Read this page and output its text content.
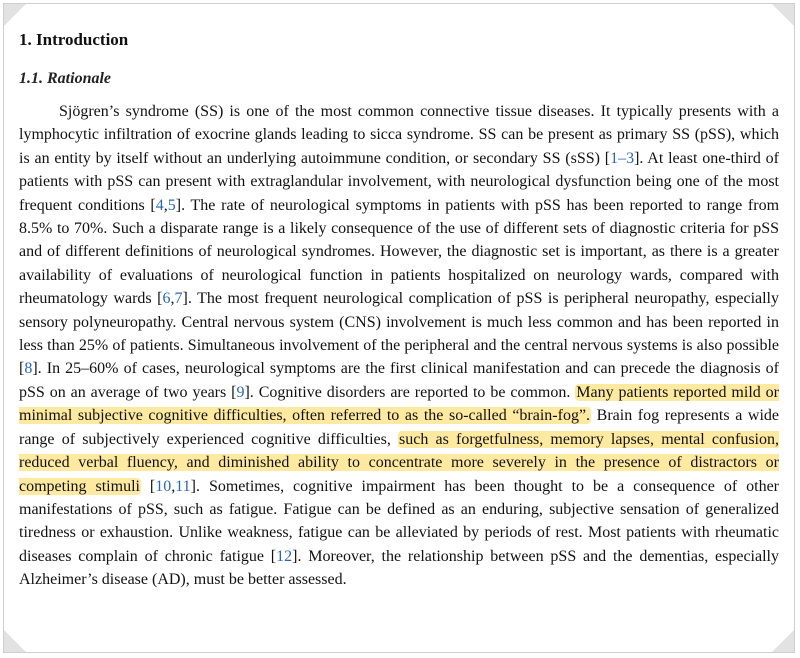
1. Introduction
1.1. Rationale

Sjögren’s syndrome (SS) is one of the most common connective tissue diseases. It typically presents with a lymphocytic infiltration of exocrine glands leading to sicca syndrome. SS can be present as primary SS (pSS), which is an entity by itself without an underlying autoimmune condition, or secondary SS (sSS) [1–3]. At least one-third of patients with pSS can present with extraglandular involvement, with neurological dysfunction being one of the most frequent conditions [4,5]. The rate of neurological symptoms in patients with pSS has been reported to range from 8.5% to 70%. Such a disparate range is a likely consequence of the use of different sets of diagnostic criteria for pSS and of different definitions of neurological syndromes. However, the diagnostic set is important, as there is a greater availability of evaluations of neurological function in patients hospitalized on neurology wards, compared with rheumatology wards [6,7]. The most frequent neurological complication of pSS is peripheral neuropathy, especially sensory polyneuropathy. Central nervous system (CNS) involvement is much less common and has been reported in less than 25% of patients. Simultaneous involvement of the peripheral and the central nervous systems is also possible [8]. In 25–60% of cases, neurological symptoms are the first clinical manifestation and can precede the diagnosis of pSS on an average of two years [9]. Cognitive disorders are reported to be common. Many patients reported mild or minimal subjective cognitive difficulties, often referred to as the so-called “brain-fog”. Brain fog represents a wide range of subjectively experienced cognitive difficulties, such as forgetfulness, memory lapses, mental confusion, reduced verbal fluency, and diminished ability to concentrate more severely in the presence of distractors or competing stimuli [10,11]. Sometimes, cognitive impairment has been thought to be a consequence of other manifestations of pSS, such as fatigue. Fatigue can be defined as an enduring, subjective sensation of generalized tiredness or exhaustion. Unlike weakness, fatigue can be alleviated by periods of rest. Most patients with rheumatic diseases complain of chronic fatigue [12]. Moreover, the relationship between pSS and the dementias, especially Alzheimer’s disease (AD), must be better assessed.
